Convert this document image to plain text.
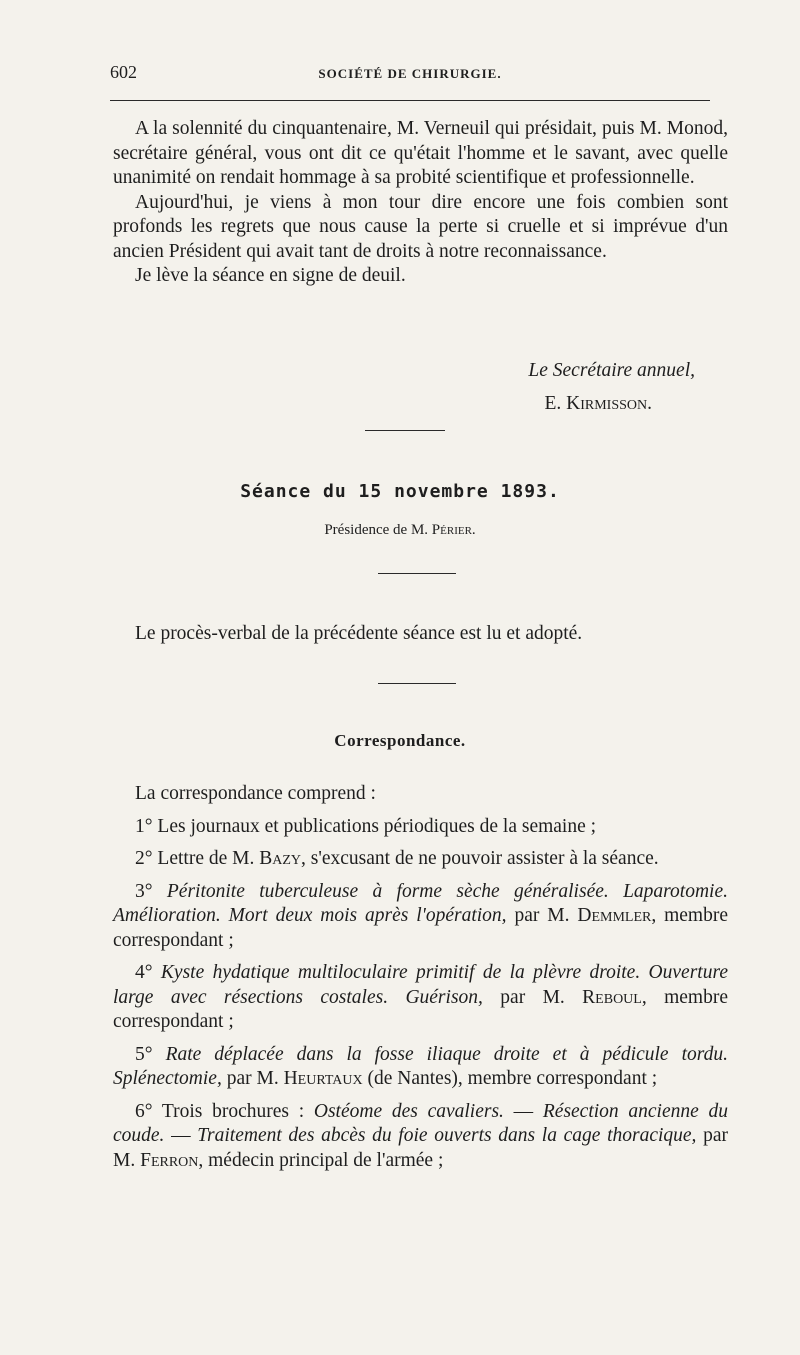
602	SOCIÉTÉ DE CHIRURGIE.

A la solennité du cinquantenaire, M. Verneuil qui présidait, puis M. Monod, secrétaire général, vous ont dit ce qu'était l'homme et le savant, avec quelle unanimité on rendait hommage à sa probité scientifique et professionnelle.

Aujourd'hui, je viens à mon tour dire encore une fois combien sont profonds les regrets que nous cause la perte si cruelle et si imprévue d'un ancien Président qui avait tant de droits à notre reconnaissance.

Je lève la séance en signe de deuil.

Le Secrétaire annuel,
E. Kirmisson.
Séance du 15 novembre 1893.
Présidence de M. Périer.

Le procès-verbal de la précédente séance est lu et adopté.

Correspondance.

La correspondance comprend :

1° Les journaux et publications périodiques de la semaine ;

2° Lettre de M. Bazy, s'excusant de ne pouvoir assister à la séance.

3° Péritonite tuberculeuse à forme sèche généralisée. Laparotomie. Amélioration. Mort deux mois après l'opération, par M. Demmler, membre correspondant ;

4° Kyste hydatique multiloculaire primitif de la plèvre droite. Ouverture large avec résections costales. Guérison, par M. Reboul, membre correspondant ;

5° Rate déplacée dans la fosse iliaque droite et à pédicule tordu. Splénectomie, par M. Heurtaux (de Nantes), membre correspondant ;

6° Trois brochures : Ostéome des cavaliers. — Résection ancienne du coude. — Traitement des abcès du foie ouverts dans la cage thoracique, par M. Ferron, médecin principal de l'armée ;
